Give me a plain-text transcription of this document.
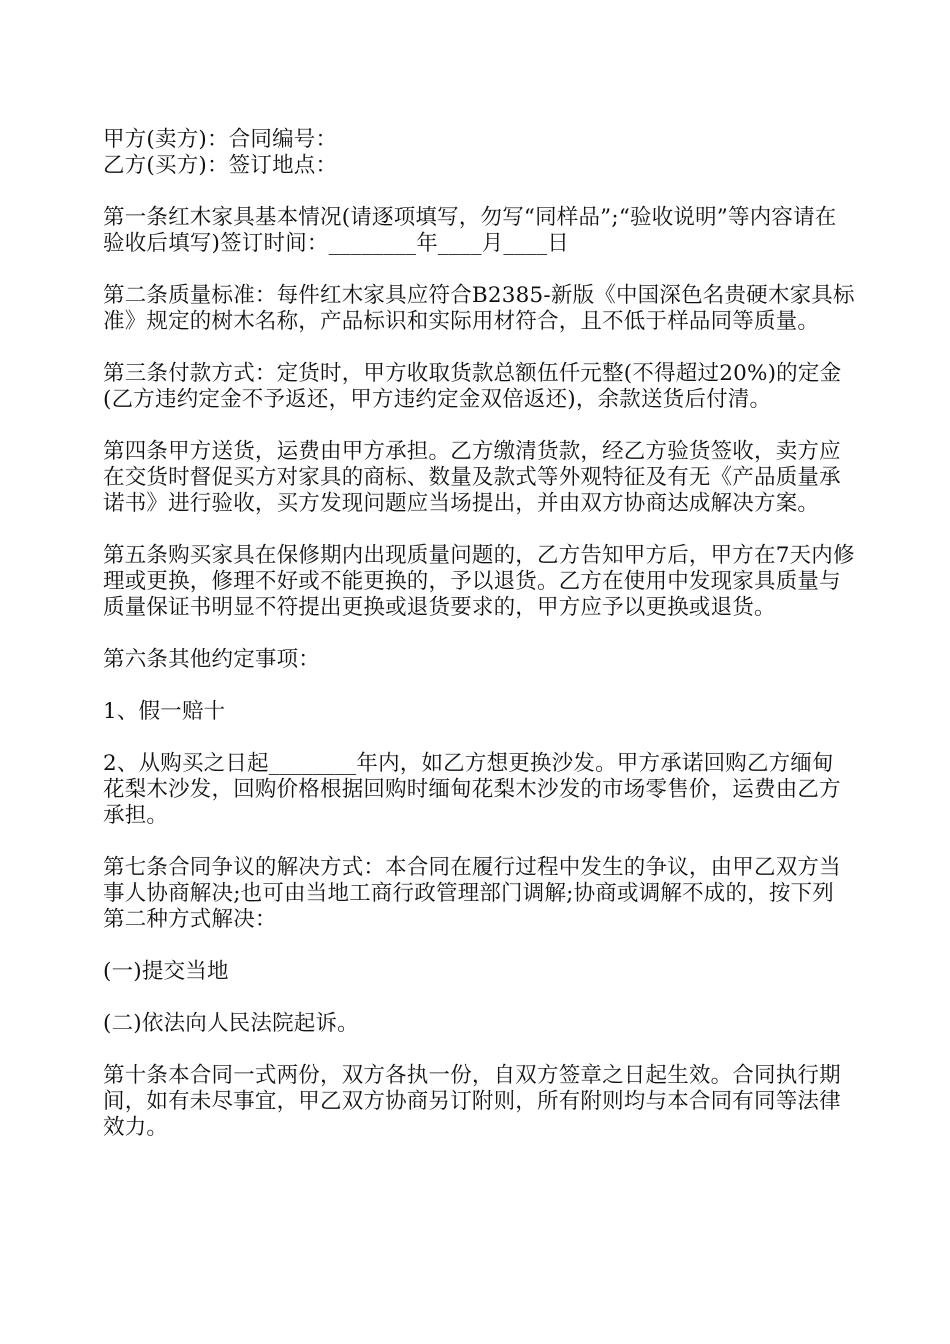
甲方(卖方)：合同编号：
乙方(买方)：签订地点：

第一条红木家具基本情况(请逐项填写，勿写“同样品”;“验收说明”等内容请在验收后填写)签订时间：________年____月____日

第二条质量标准：每件红木家具应符合B2385-新版《中国深色名贵硬木家具标准》规定的树木名称，产品标识和实际用材符合，且不低于样品同等质量。

第三条付款方式：定货时，甲方收取货款总额伍仟元整(不得超过20%)的定金(乙方违约定金不予返还，甲方违约定金双倍返还)，余款送货后付清。

第四条甲方送货，运费由甲方承担。乙方缴清货款，经乙方验货签收，卖方应在交货时督促买方对家具的商标、数量及款式等外观特征及有无《产品质量承诺书》进行验收，买方发现问题应当场提出，并由双方协商达成解决方案。

第五条购买家具在保修期内出现质量问题的，乙方告知甲方后，甲方在7天内修理或更换，修理不好或不能更换的，予以退货。乙方在使用中发现家具质量与质量保证书明显不符提出更换或退货要求的，甲方应予以更换或退货。

第六条其他约定事项：

1、假一赔十

2、从购买之日起________年内，如乙方想更换沙发。甲方承诺回购乙方缅甸花梨木沙发，回购价格根据回购时缅甸花梨木沙发的市场零售价，运费由乙方承担。

第七条合同争议的解决方式：本合同在履行过程中发生的争议，由甲乙双方当事人协商解决;也可由当地工商行政管理部门调解;协商或调解不成的，按下列
第二种方式解决：

(一)提交当地

(二)依法向人民法院起诉。

第十条本合同一式两份，双方各执一份，自双方签章之日起生效。合同执行期间，如有未尽事宜，甲乙双方协商另订附则，所有附则均与本合同有同等法律效力。
